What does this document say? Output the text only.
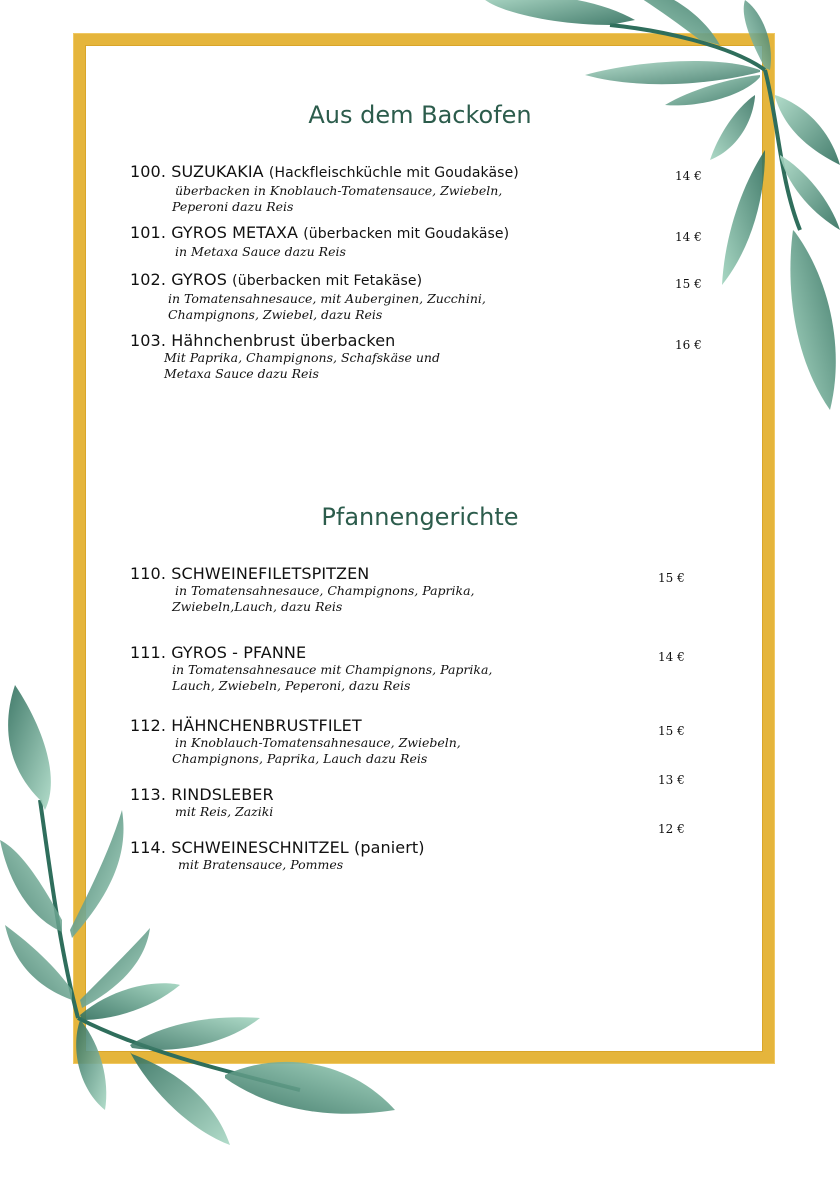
Aus dem Backofen
100. SUZUKAKIA (Hackfleischküchle mit Goudakäse)
überbacken in Knoblauch-Tomatensauce, Zwiebeln,
Peperoni dazu Reis
14 €
101. GYROS METAXA (überbacken mit Goudakäse)
in Metaxa Sauce dazu Reis
14 €
102. GYROS (überbacken mit Fetakäse)
in Tomatensahnesauce, mit Auberginen, Zucchini,
Champignons, Zwiebel, dazu Reis
15 €
103. Hähnchenbrust überbacken
Mit Paprika, Champignons, Schafskäse und
Metaxa Sauce dazu Reis
16 €
Pfannengerichte
110. SCHWEINEFILETSPITZEN
in Tomatensahnesauce, Champignons, Paprika,
Zwiebeln,Lauch, dazu Reis
15 €
111. GYROS - PFANNE
in Tomatensahnesauce mit Champignons, Paprika,
Lauch, Zwiebeln, Peperoni, dazu Reis
14 €
112. HÄHNCHENBRUSTFILET
in Knoblauch-Tomatensahnesauce, Zwiebeln,
Champignons, Paprika, Lauch dazu Reis
15 €
113. RINDSLEBER
mit Reis, Zaziki
13 €
114. SCHWEINESCHNITZEL (paniert)
mit Bratensauce, Pommes
12 €
